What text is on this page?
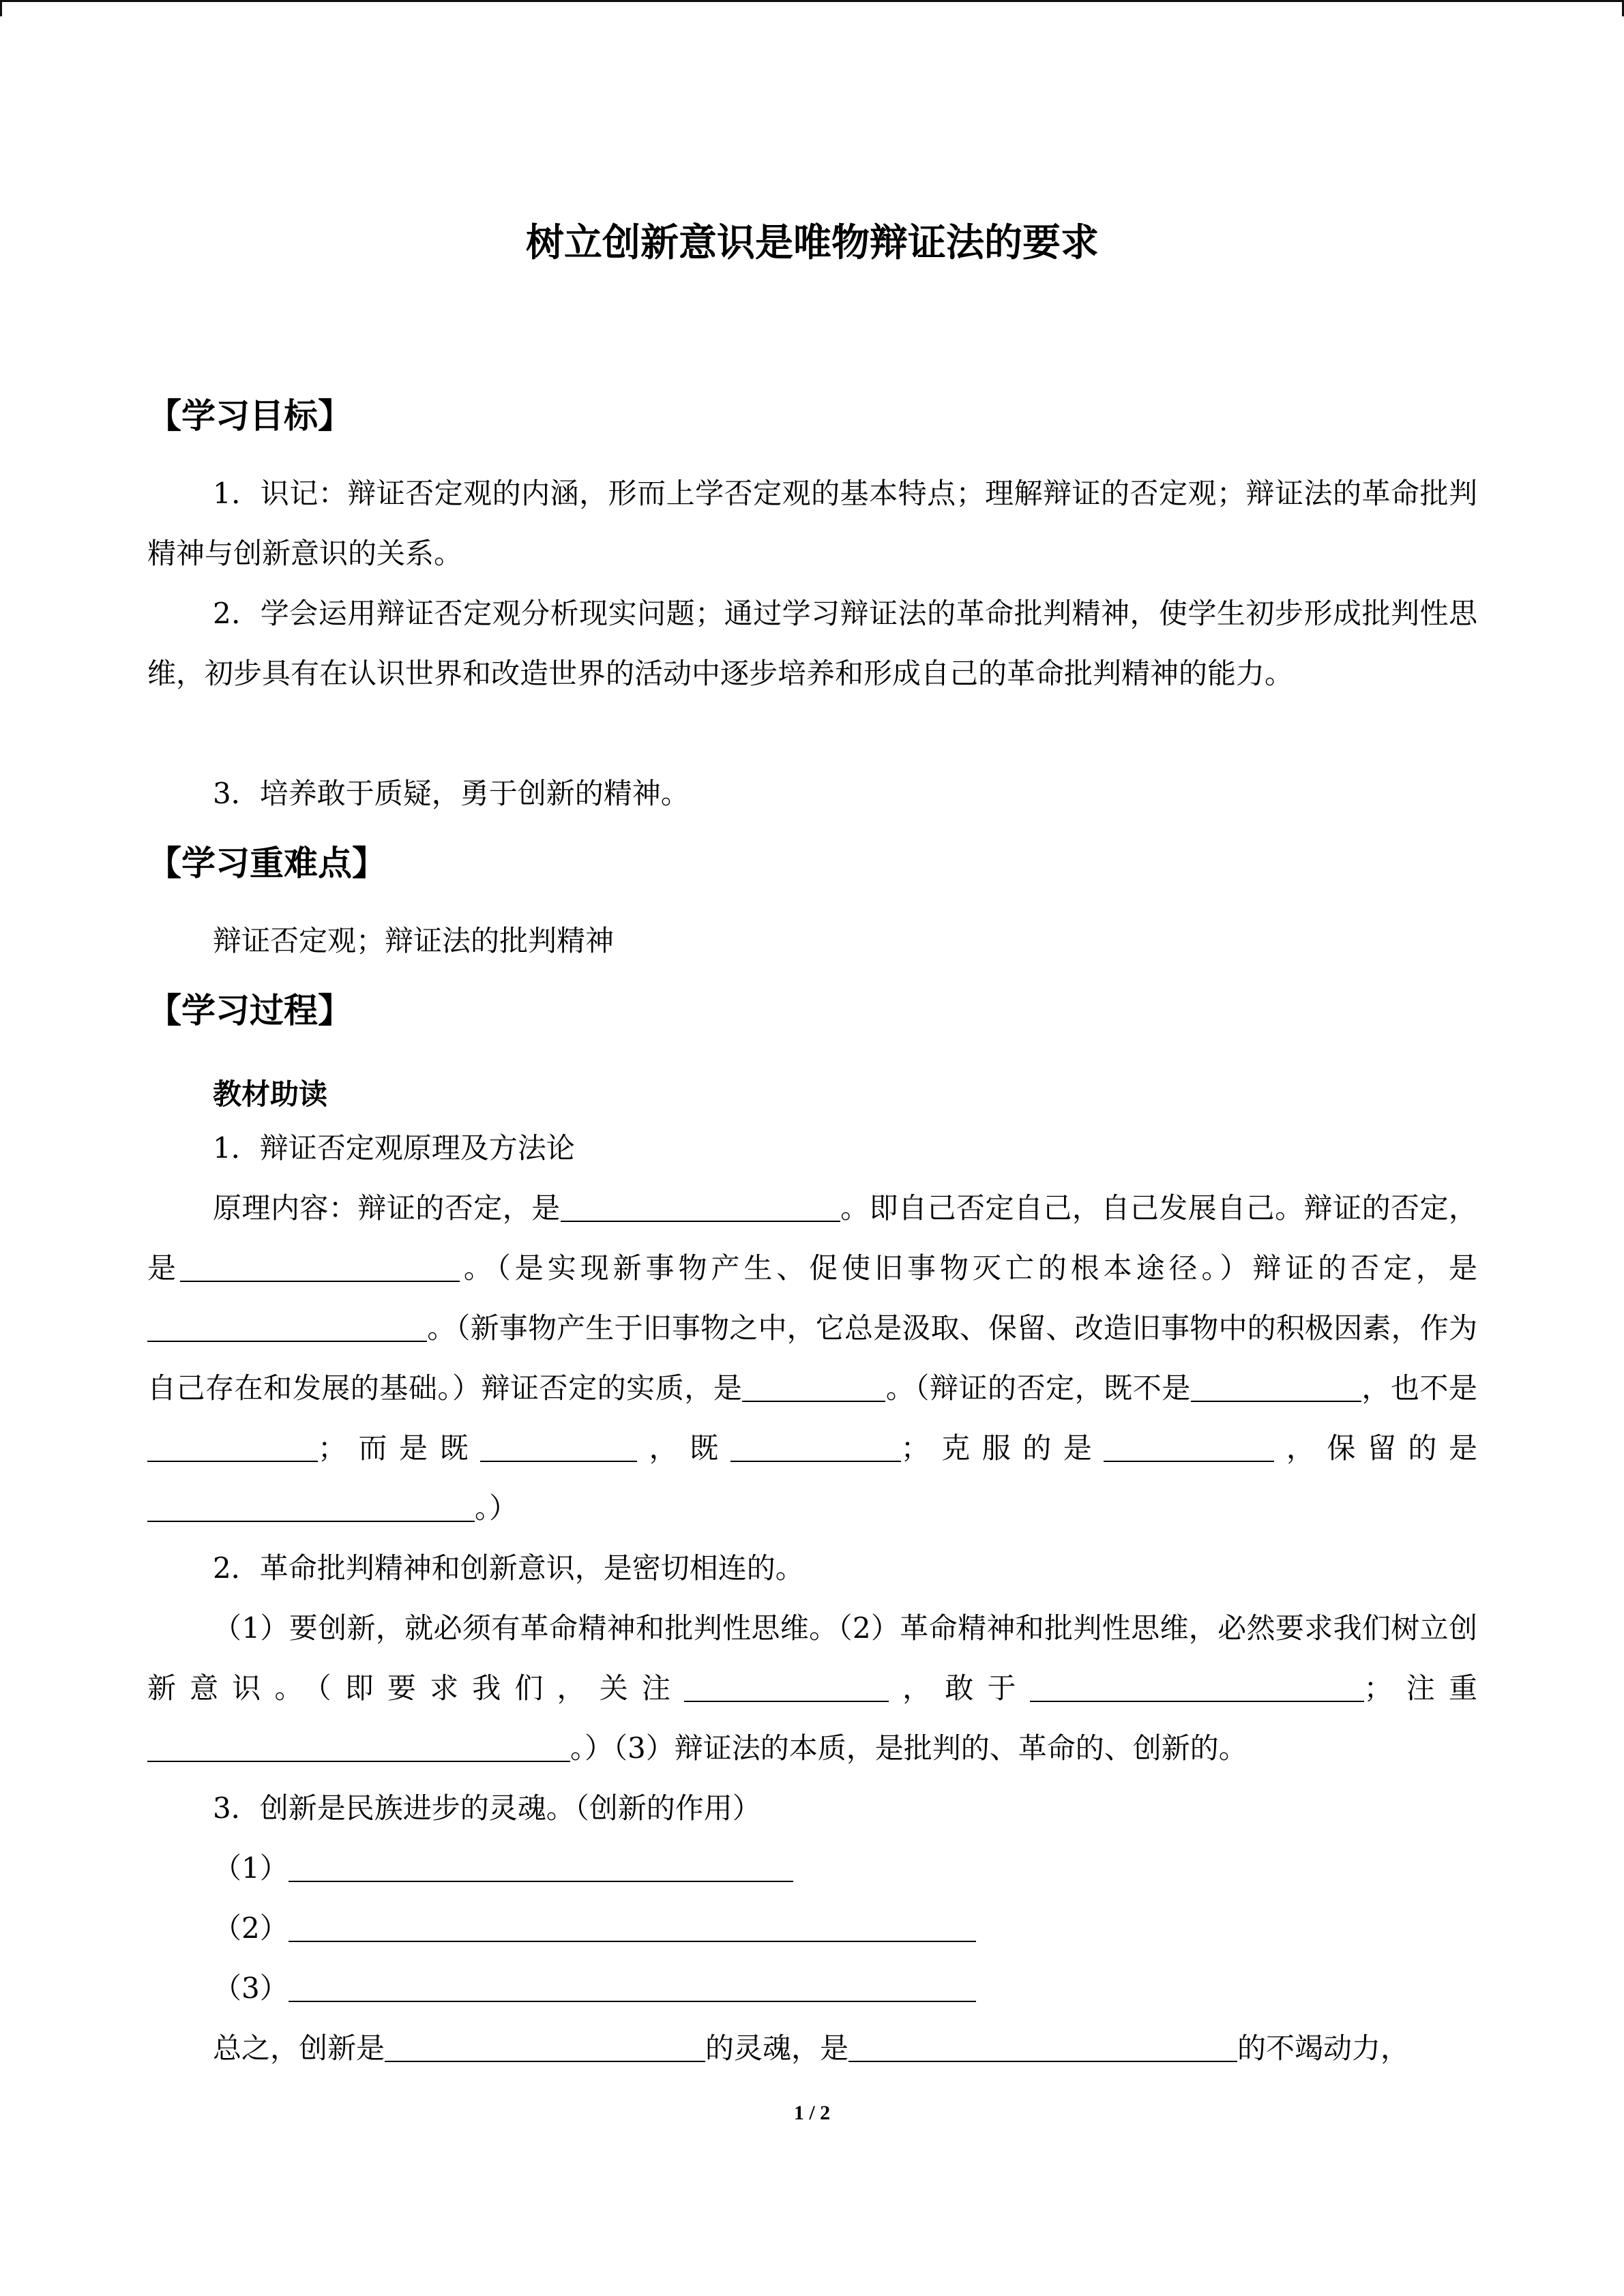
树立创新意识是唯物辩证法的要求
【学习目标】
1．识记：辩证否定观的内涵，形而上学否定观的基本特点；理解辩证的否定观；辩证法的革命批判精神与创新意识的关系。
2．学会运用辩证否定观分析现实问题；通过学习辩证法的革命批判精神，使学生初步形成批判性思维，初步具有在认识世界和改造世界的活动中逐步培养和形成自己的革命批判精神的能力。
3．培养敢于质疑，勇于创新的精神。
【学习重难点】
辩证否定观；辩证法的批判精神
【学习过程】
教材助读
1．辩证否定观原理及方法论
原理内容：辩证的否定，是	。即自己否定自己，自己发展自己。辩证的否定，是	。（是实现新事物产生、促使旧事物灭亡的根本途径。）辩证的否定，是。（新事物产生于旧事物之中，它总是汲取、保留、改造旧事物中的积极因素，作为自己存在和发展的基础。）辩证否定的实质，是	。（辩证的否定，既不是	，也不是；而是既	，既	；克服的是	，保留的是。）
2．革命批判精神和创新意识，是密切相连的。
（1）要创新，就必须有革命精神和批判性思维。（2）革命精神和批判性思维，必然要求我们树立创新意识。（即要求我们，关注	，敢于	；注重 。）（3）辩证法的本质，是批判的、革命的、创新的。
3．创新是民族进步的灵魂。（创新的作用）
（1）
（2）
（3）
总之，创新是	的灵魂，是	的不竭动力，
1 / 2
